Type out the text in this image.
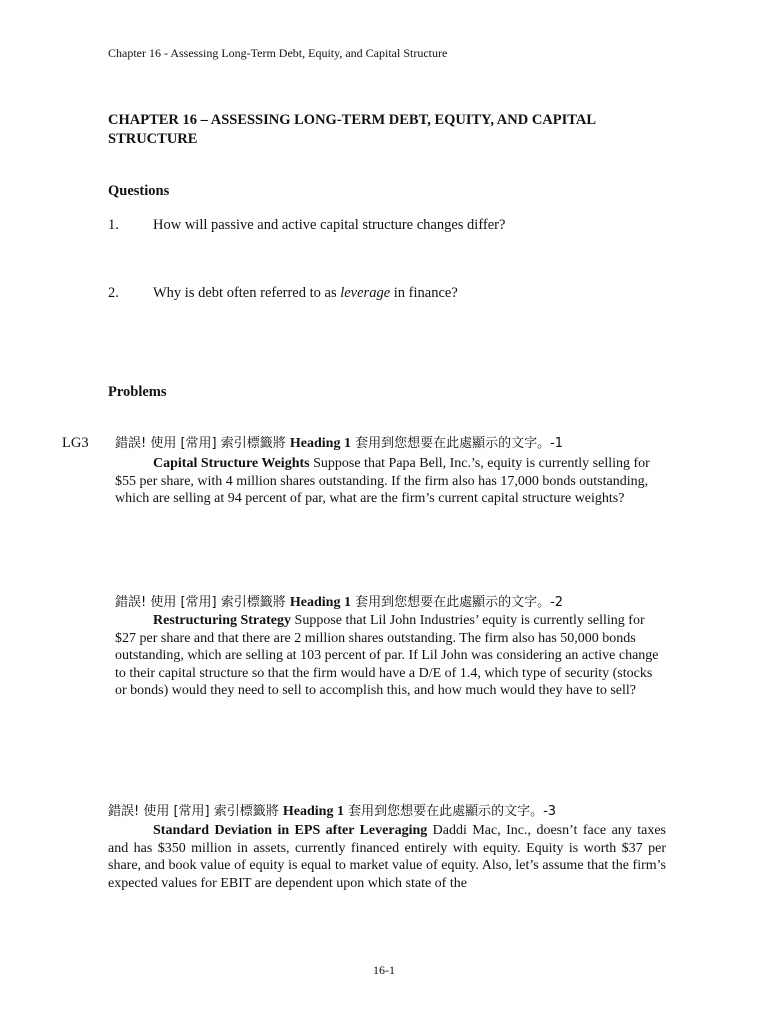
Chapter 16 - Assessing Long-Term Debt, Equity, and Capital Structure
CHAPTER 16 – ASSESSING LONG-TERM DEBT, EQUITY, AND CAPITAL STRUCTURE
Questions
1. How will passive and active capital structure changes differ?
2. Why is debt often referred to as leverage in finance?
Problems
LG3 錯誤! 使用 [常用] 索引標籤將 Heading 1 套用到您想要在此處顯示的文字。-1
Capital Structure Weights Suppose that Papa Bell, Inc.’s, equity is currently selling for $55 per share, with 4 million shares outstanding. If the firm also has 17,000 bonds outstanding, which are selling at 94 percent of par, what are the firm’s current capital structure weights?
錯誤! 使用 [常用] 索引標籤將 Heading 1 套用到您想要在此處顯示的文字。-2
Restructuring Strategy Suppose that Lil John Industries’ equity is currently selling for $27 per share and that there are 2 million shares outstanding. The firm also has 50,000 bonds outstanding, which are selling at 103 percent of par. If Lil John was considering an active change to their capital structure so that the firm would have a D/E of 1.4, which type of security (stocks or bonds) would they need to sell to accomplish this, and how much would they have to sell?
錯誤! 使用 [常用] 索引標籤將 Heading 1 套用到您想要在此處顯示的文字。-3
Standard Deviation in EPS after Leveraging Daddi Mac, Inc., doesn’t face any taxes and has $350 million in assets, currently financed entirely with equity. Equity is worth $37 per share, and book value of equity is equal to market value of equity. Also, let’s assume that the firm’s expected values for EBIT are dependent upon which state of the
16-1
